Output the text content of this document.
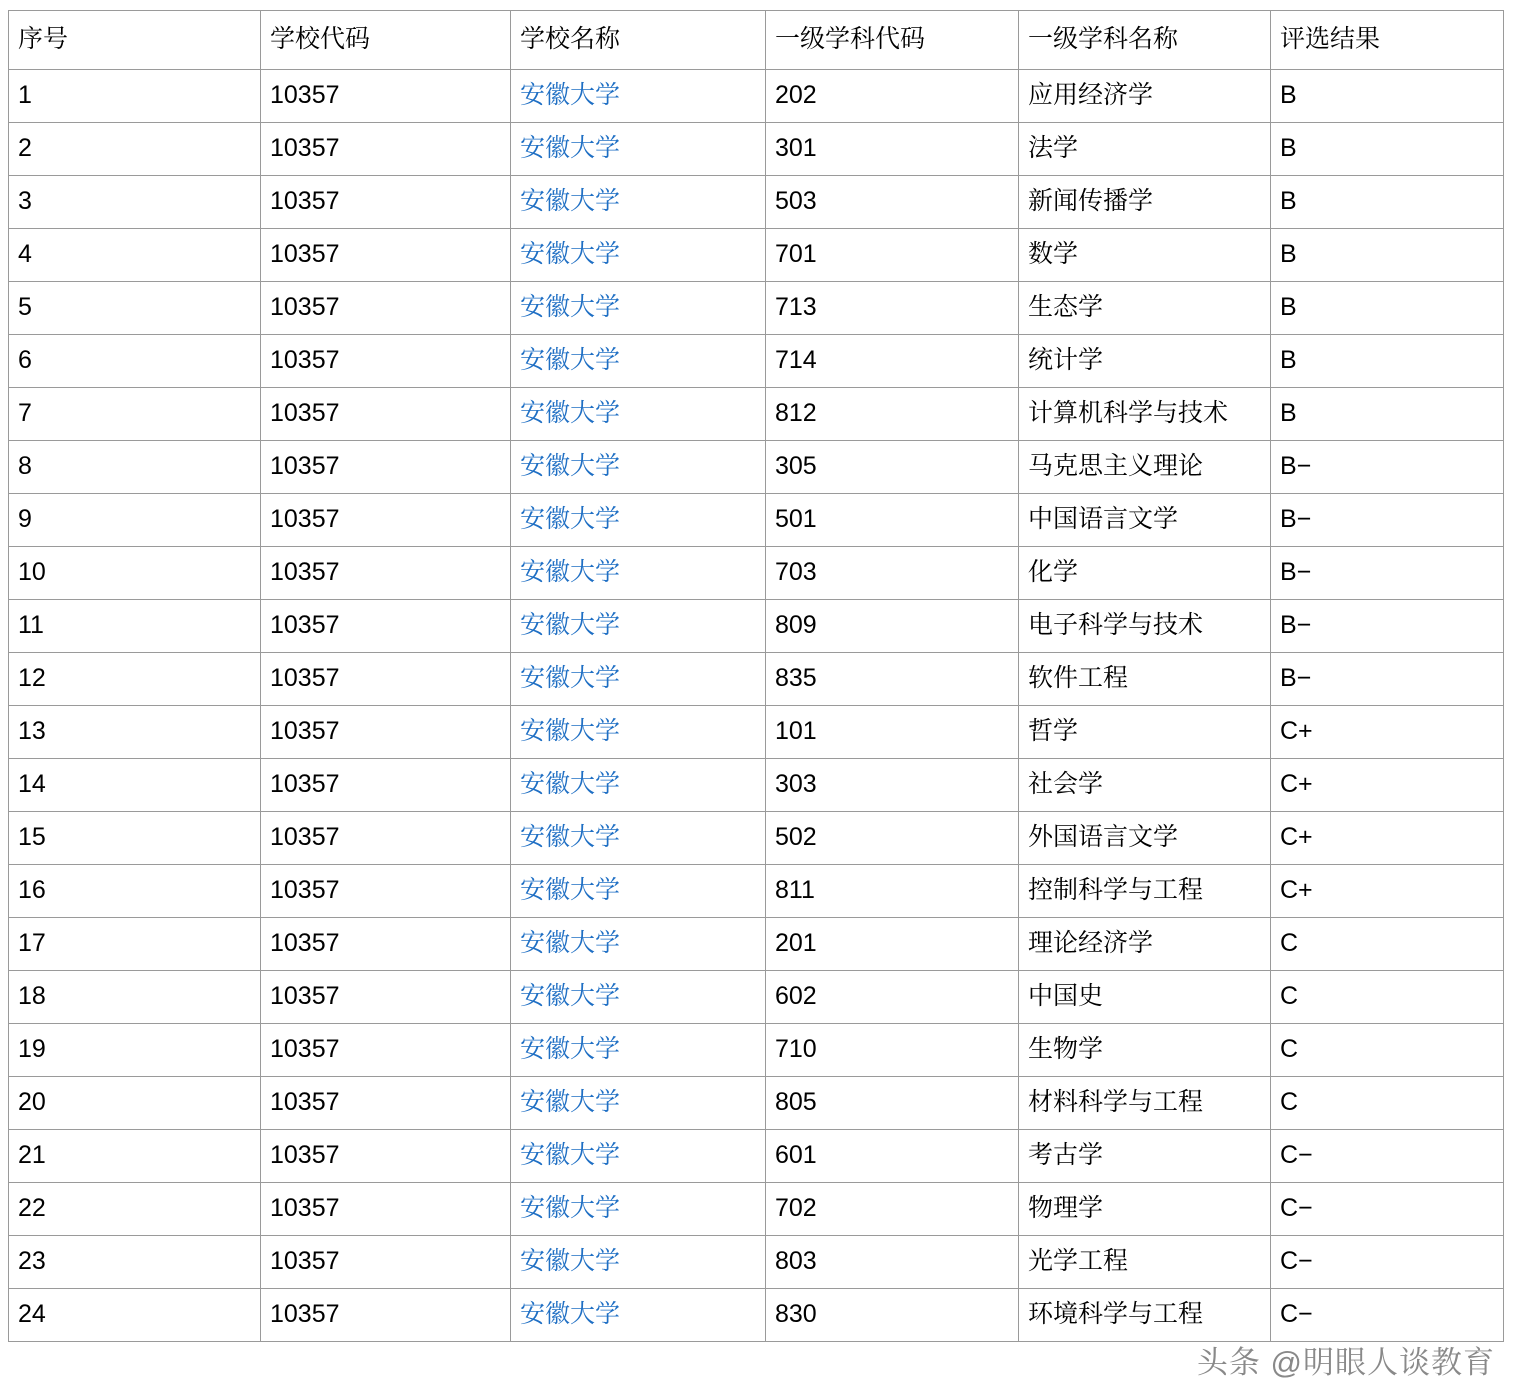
序号	学校代码	学校名称	一级学科代码	一级学科名称	评选结果
1	10357	安徽大学	202	应用经济学	B
2	10357	安徽大学	301	法学	B
3	10357	安徽大学	503	新闻传播学	B
4	10357	安徽大学	701	数学	B
5	10357	安徽大学	713	生态学	B
6	10357	安徽大学	714	统计学	B
7	10357	安徽大学	812	计算机科学与技术	B
8	10357	安徽大学	305	马克思主义理论	B−
9	10357	安徽大学	501	中国语言文学	B−
10	10357	安徽大学	703	化学	B−
11	10357	安徽大学	809	电子科学与技术	B−
12	10357	安徽大学	835	软件工程	B−
13	10357	安徽大学	101	哲学	C+
14	10357	安徽大学	303	社会学	C+
15	10357	安徽大学	502	外国语言文学	C+
16	10357	安徽大学	811	控制科学与工程	C+
17	10357	安徽大学	201	理论经济学	C
18	10357	安徽大学	602	中国史	C
19	10357	安徽大学	710	生物学	C
20	10357	安徽大学	805	材料科学与工程	C
21	10357	安徽大学	601	考古学	C−
22	10357	安徽大学	702	物理学	C−
23	10357	安徽大学	803	光学工程	C−
24	10357	安徽大学	830	环境科学与工程	C−
头条 @明眼人谈教育
